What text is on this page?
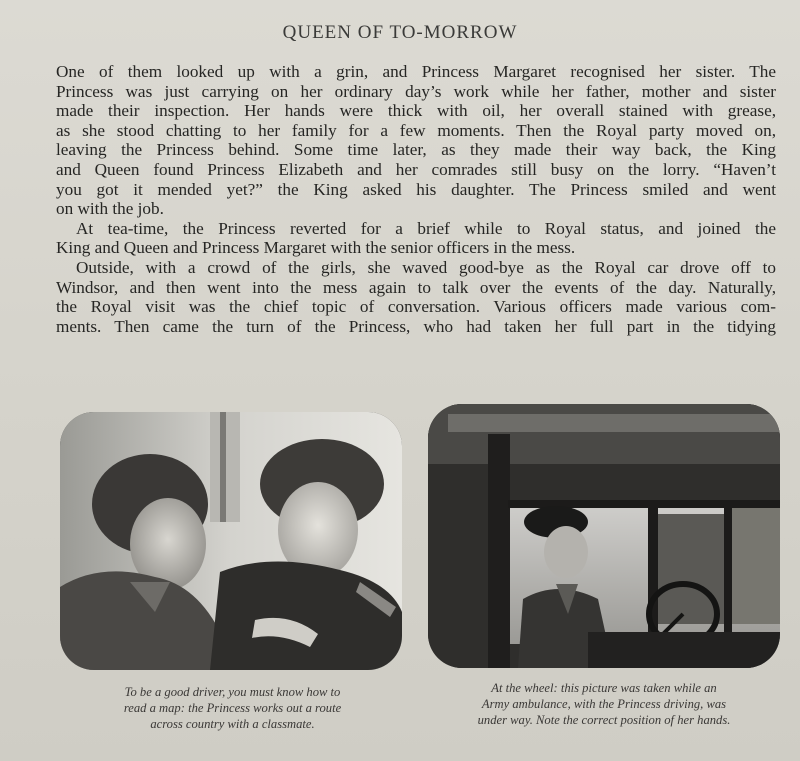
QUEEN OF TO-MORROW

One of them looked up with a grin, and Princess Margaret recognised her sister. The
Princess was just carrying on her ordinary day’s work while her father, mother and sister
made their inspection. Her hands were thick with oil, her overall stained with grease,
as she stood chatting to her family for a few moments. Then the Royal party moved on,
leaving the Princess behind. Some time later, as they made their way back, the King
and Queen found Princess Elizabeth and her comrades still busy on the lorry. “Haven’t
you got it mended yet?” the King asked his daughter. The Princess smiled and went
on with the job.

At tea-time, the Princess reverted for a brief while to Royal status, and joined the
King and Queen and Princess Margaret with the senior officers in the mess.

Outside, with a crowd of the girls, she waved good-bye as the Royal car drove off to
Windsor, and then went into the mess again to talk over the events of the day. Naturally,
the Royal visit was the chief topic of conversation. Various officers made various com-
ments. Then came the turn of the Princess, who had taken her full part in the tidying

To be a good driver, you must know how to
read a map: the Princess works out a route
across country with a classmate.
At the wheel: this picture was taken while an
Army ambulance, with the Princess driving, was
under way. Note the correct position of her hands.
